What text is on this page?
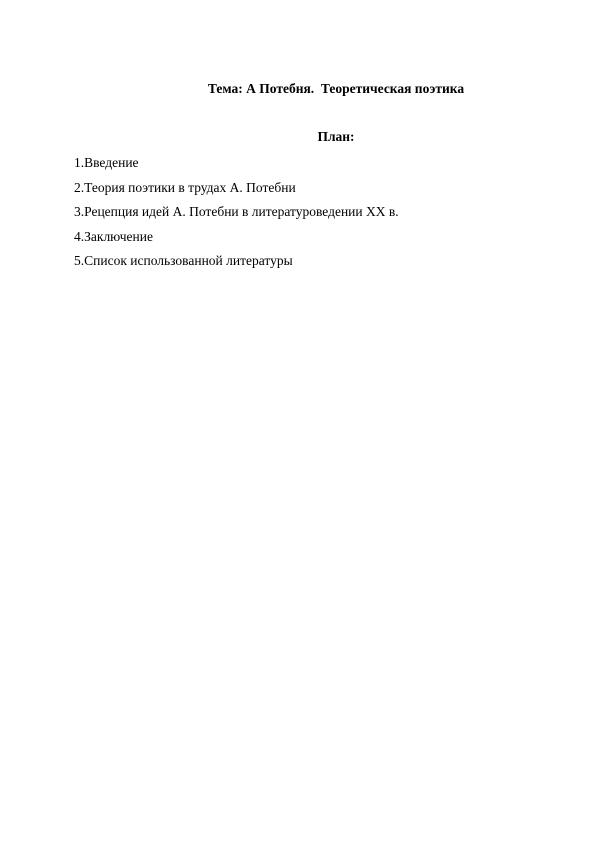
Тема: А Потебня.  Теоретическая поэтика
План:
1.Введение
2.Теория поэтики в трудах А. Потебни
3.Рецепция идей А. Потебни в литературоведении XX в.
4.Заключение
5.Список использованной литературы
